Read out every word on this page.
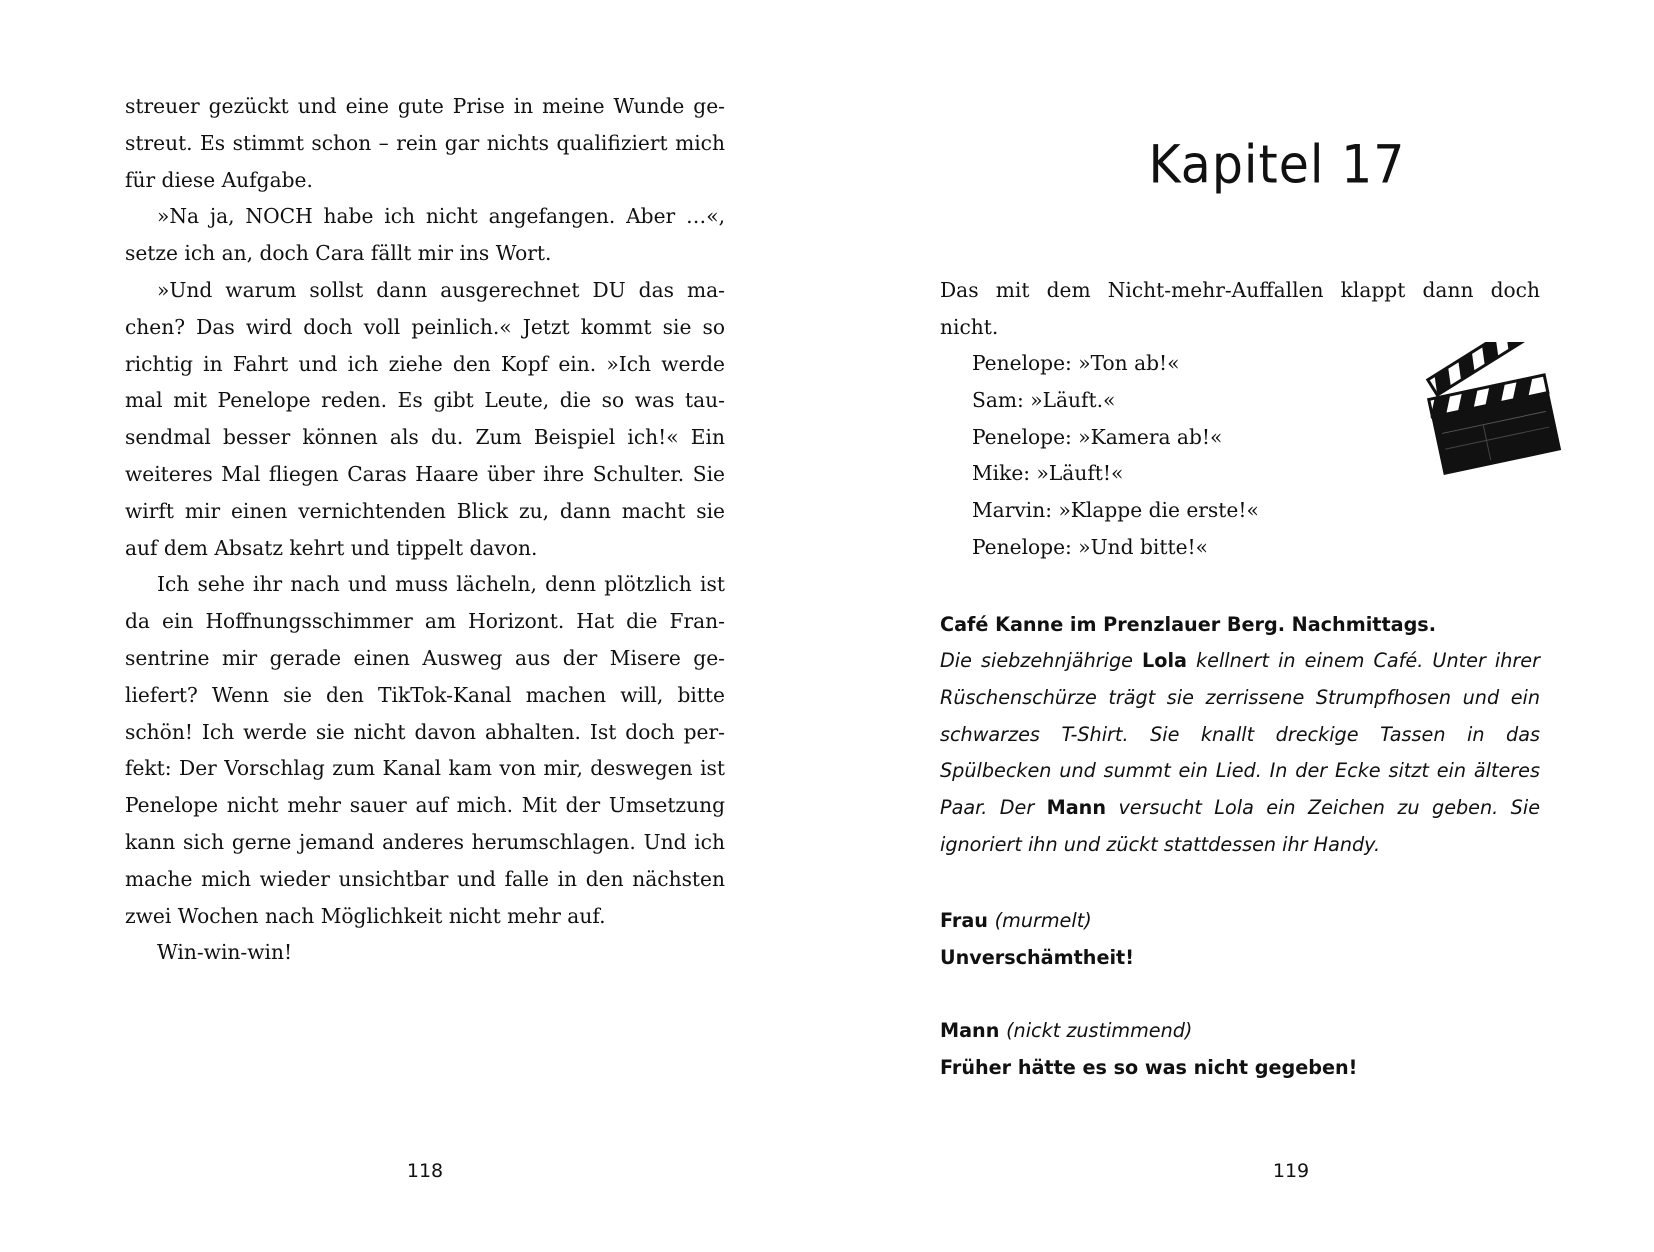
streuer gezückt und eine gute Prise in meine Wunde gestreut. Es stimmt schon – rein gar nichts qualifiziert mich für diese Aufgabe.

»Na ja, NOCH habe ich nicht angefangen. Aber …«, setze ich an, doch Cara fällt mir ins Wort.

»Und warum sollst dann ausgerechnet DU das machen? Das wird doch voll peinlich.« Jetzt kommt sie so richtig in Fahrt und ich ziehe den Kopf ein. »Ich werde mal mit Penelope reden. Es gibt Leute, die so was tausendmal besser können als du. Zum Beispiel ich!« Ein weiteres Mal fliegen Caras Haare über ihre Schulter. Sie wirft mir einen vernichtenden Blick zu, dann macht sie auf dem Absatz kehrt und tippelt davon.

Ich sehe ihr nach und muss lächeln, denn plötzlich ist da ein Hoffnungsschimmer am Horizont. Hat die Fransentrine mir gerade einen Ausweg aus der Misere geliefert? Wenn sie den TikTok-Kanal machen will, bitte schön! Ich werde sie nicht davon abhalten. Ist doch perfekt: Der Vorschlag zum Kanal kam von mir, deswegen ist Penelope nicht mehr sauer auf mich. Mit der Umsetzung kann sich gerne jemand anderes herumschlagen. Und ich mache mich wieder unsichtbar und falle in den nächsten zwei Wochen nach Möglichkeit nicht mehr auf.

Win-win-win!

118
Kapitel 17

Das mit dem Nicht-mehr-Auffallen klappt dann doch nicht.

Penelope: »Ton ab!«
Sam: »Läuft.«
Penelope: »Kamera ab!«
Mike: »Läuft!«
Marvin: »Klappe die erste!«
Penelope: »Und bitte!«
Café Kanne im Prenzlauer Berg. Nachmittags.
Die siebzehnjährige Lola kellnert in einem Café. Unter ihrer Rüschenschürze trägt sie zerrissene Strumpfhosen und ein schwarzes T-Shirt. Sie knallt dreckige Tassen in das Spülbecken und summt ein Lied. In der Ecke sitzt ein älteres Paar. Der Mann versucht Lola ein Zeichen zu geben. Sie ignoriert ihn und zückt stattdessen ihr Handy.
Frau (murmelt)
Unverschämtheit!
Mann (nickt zustimmend)
Früher hätte es so was nicht gegeben!
119
